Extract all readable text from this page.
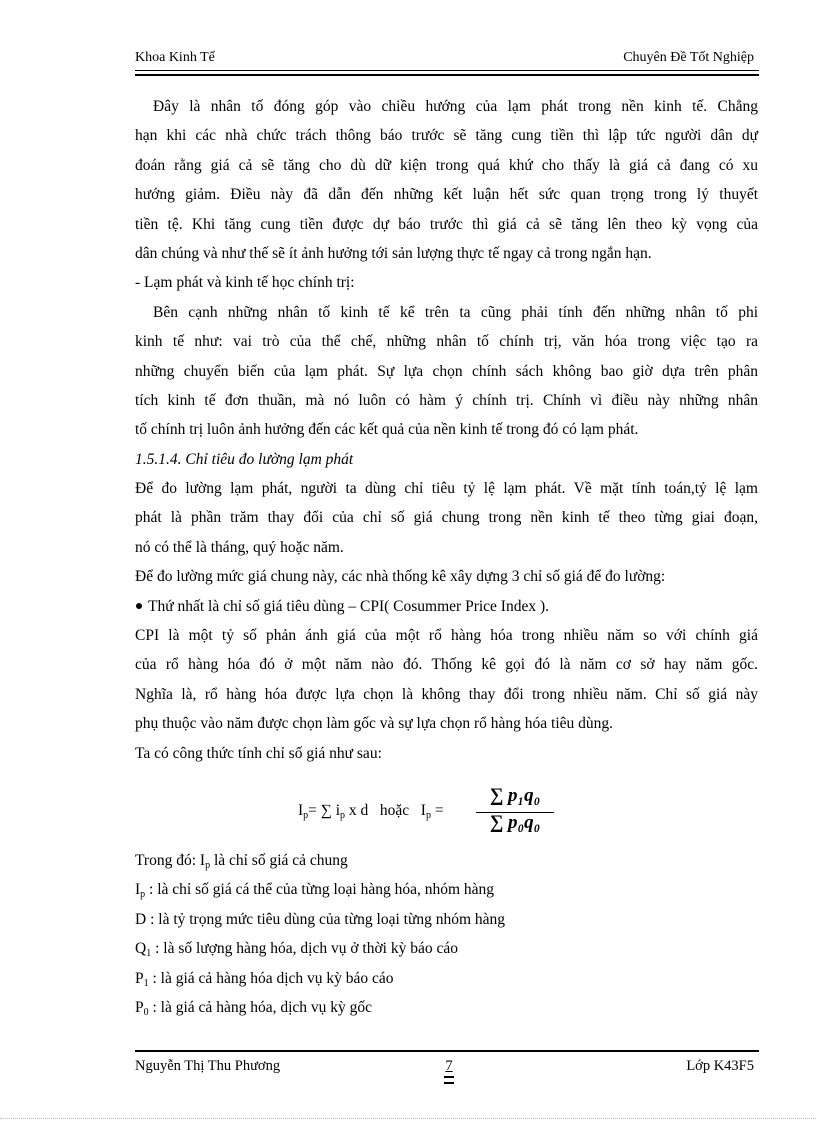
Khoa Kinh Tế	Chuyên Đề Tốt Nghiệp
Đây là nhân tố đóng góp vào chiều hướng của lạm phát trong nền kinh tế. Chẳng
hạn khi các nhà chức trách thông báo trước sẽ tăng cung tiền thì lập tức người dân dự
đoán rằng giá cả sẽ tăng cho dù dữ kiện trong quá khứ cho thấy là giá cả đang có xu
hướng giảm. Điều này đã dẫn đến những kết luận hết sức quan trọng trong lý thuyết
tiền tệ. Khi tăng cung tiền được dự báo trước thì giá cả sẽ tăng lên theo kỳ vọng của
dân chúng và như thế sẽ ít ảnh hưởng tới sản lượng thực tế ngay cả trong ngắn hạn.
- Lạm phát và kinh tế học chính trị:
Bên cạnh những nhân tố kinh tế kể trên ta cũng phải tính đến những nhân tố phi
kinh tế như: vai trò của thể chế, những nhân tố chính trị, văn hóa trong việc tạo ra
những chuyển biến của lạm phát. Sự lựa chọn chính sách không bao giờ dựa trên phân
tích kinh tế đơn thuần, mà nó luôn có hàm ý chính trị. Chính vì điều này những nhân
tố chính trị luôn ảnh hưởng đến các kết quả của nền kinh tế trong đó có lạm phát.
1.5.1.4. Chỉ tiêu đo lường lạm phát
Để đo lường lạm phát, người ta dùng chỉ tiêu tỷ lệ lạm phát. Về mặt tính toán,tỷ lệ lạm
phát là phần trăm thay đổi của chỉ số giá chung trong nền kinh tế theo từng giai đoạn,
nó có thể là tháng, quý hoặc năm.
Để đo lường mức giá chung này, các nhà thống kê xây dựng 3 chỉ số giá để đo lường:
Thứ nhất là chỉ số giá tiêu dùng – CPI( Cosummer Price Index ).
CPI là một tỷ số phản ánh giá của một rổ hàng hóa trong nhiều năm so với chính giá
của rổ hàng hóa đó ở một năm nào đó. Thống kê gọi đó là năm cơ sở hay năm gốc.
Nghĩa là, rổ hàng hóa được lựa chọn là không thay đổi trong nhiều năm. Chỉ số giá này
phụ thuộc vào năm được chọn làm gốc và sự lựa chọn rổ hàng hóa tiêu dùng.
Ta có công thức tính chỉ số giá như sau:
$I_p=$ ∑ $i_p$ x d   hoặc   $I_p$ =
∑ p₁q₀
∑ p₀q₀
Trong đó: $I_p$ là chỉ số giá cả chung
$I_p$ : là chỉ số giá cá thể của từng loại hàng hóa, nhóm hàng
D : là tỷ trọng mức tiêu dùng của từng loại từng nhóm hàng
$Q_1$ : là số lượng hàng hóa, dịch vụ ở thời kỳ báo cáo
$P_1$ : là giá cả hàng hóa dịch vụ kỳ báo cáo
$P_0$ : là giá cả hàng hóa, dịch vụ kỳ gốc
Nguyễn Thị Thu Phương	7	Lớp K43F5
